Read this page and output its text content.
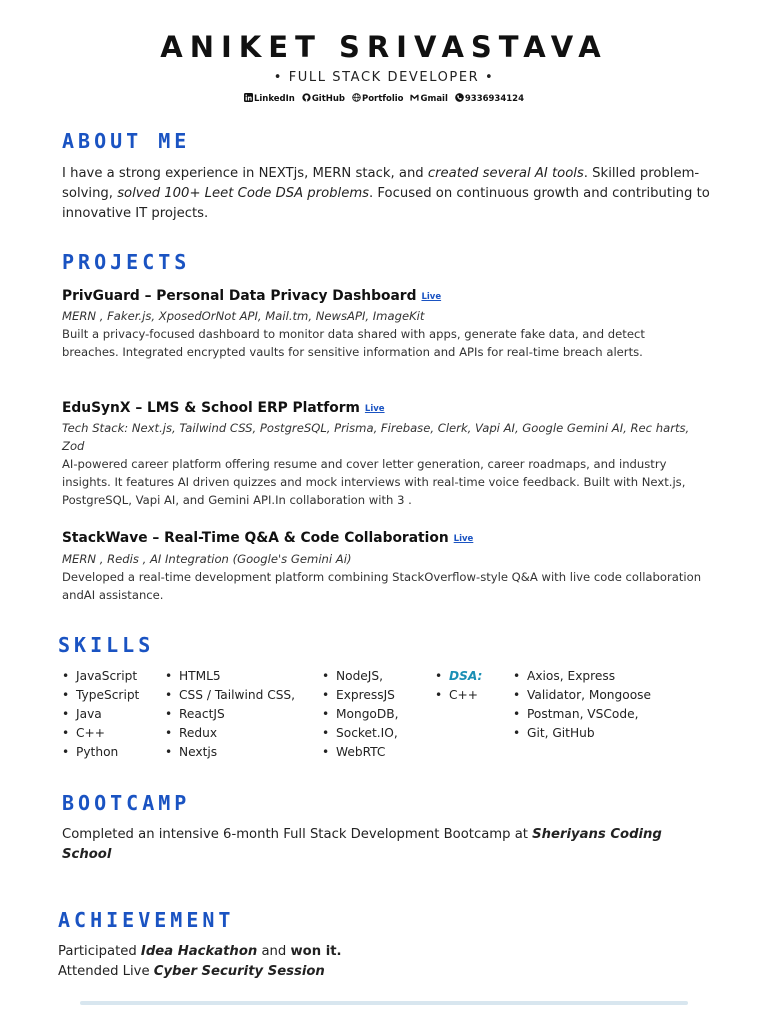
ANIKET SRIVASTAVA
• FULL STACK DEVELOPER •
LinkedIn GitHub Portfolio Gmail 9336934124
ABOUT ME
I have a strong experience in NEXTjs, MERN stack, and created several AI tools. Skilled problem-solving, solved 100+ Leet Code DSA problems. Focused on continuous growth and contributing to innovative IT projects.
PROJECTS
PrivGuard – Personal Data Privacy Dashboard Live
MERN , Faker.js, XposedOrNot API, Mail.tm, NewsAPI, ImageKit
Built a privacy-focused dashboard to monitor data shared with apps, generate fake data, and detect breaches. Integrated encrypted vaults for sensitive information and APIs for real-time breach alerts.
EduSynX – LMS & School ERP Platform Live
Tech Stack: Next.js, Tailwind CSS, PostgreSQL, Prisma, Firebase, Clerk, Vapi AI, Google Gemini AI, Rec harts, Zod
AI-powered career platform offering resume and cover letter generation, career roadmaps, and industry insights. It features AI driven quizzes and mock interviews with real-time voice feedback. Built with Next.js, PostgreSQL, Vapi AI, and Gemini API.In collaboration with 3 .
StackWave – Real-Time Q&A & Code Collaboration Live
MERN , Redis , AI Integration (Google's Gemini Ai)
Developed a real-time development platform combining StackOverflow-style Q&A with live code collaboration andAI assistance.
SKILLS
• JavaScript
• TypeScript
• Java
• C++
• Python
• HTML5
• CSS / Tailwind CSS,
• ReactJS
• Redux
• Nextjs
• NodeJS,
• ExpressJS
• MongoDB,
• Socket.IO,
• WebRTC
• DSA:
• C++
• Axios, Express
• Validator, Mongoose
• Postman, VSCode,
• Git, GitHub
BOOTCAMP
Completed an intensive 6-month Full Stack Development Bootcamp at Sheriyans Coding School
ACHIEVEMENT
Participated Idea Hackathon and won it.
Attended Live Cyber Security Session
